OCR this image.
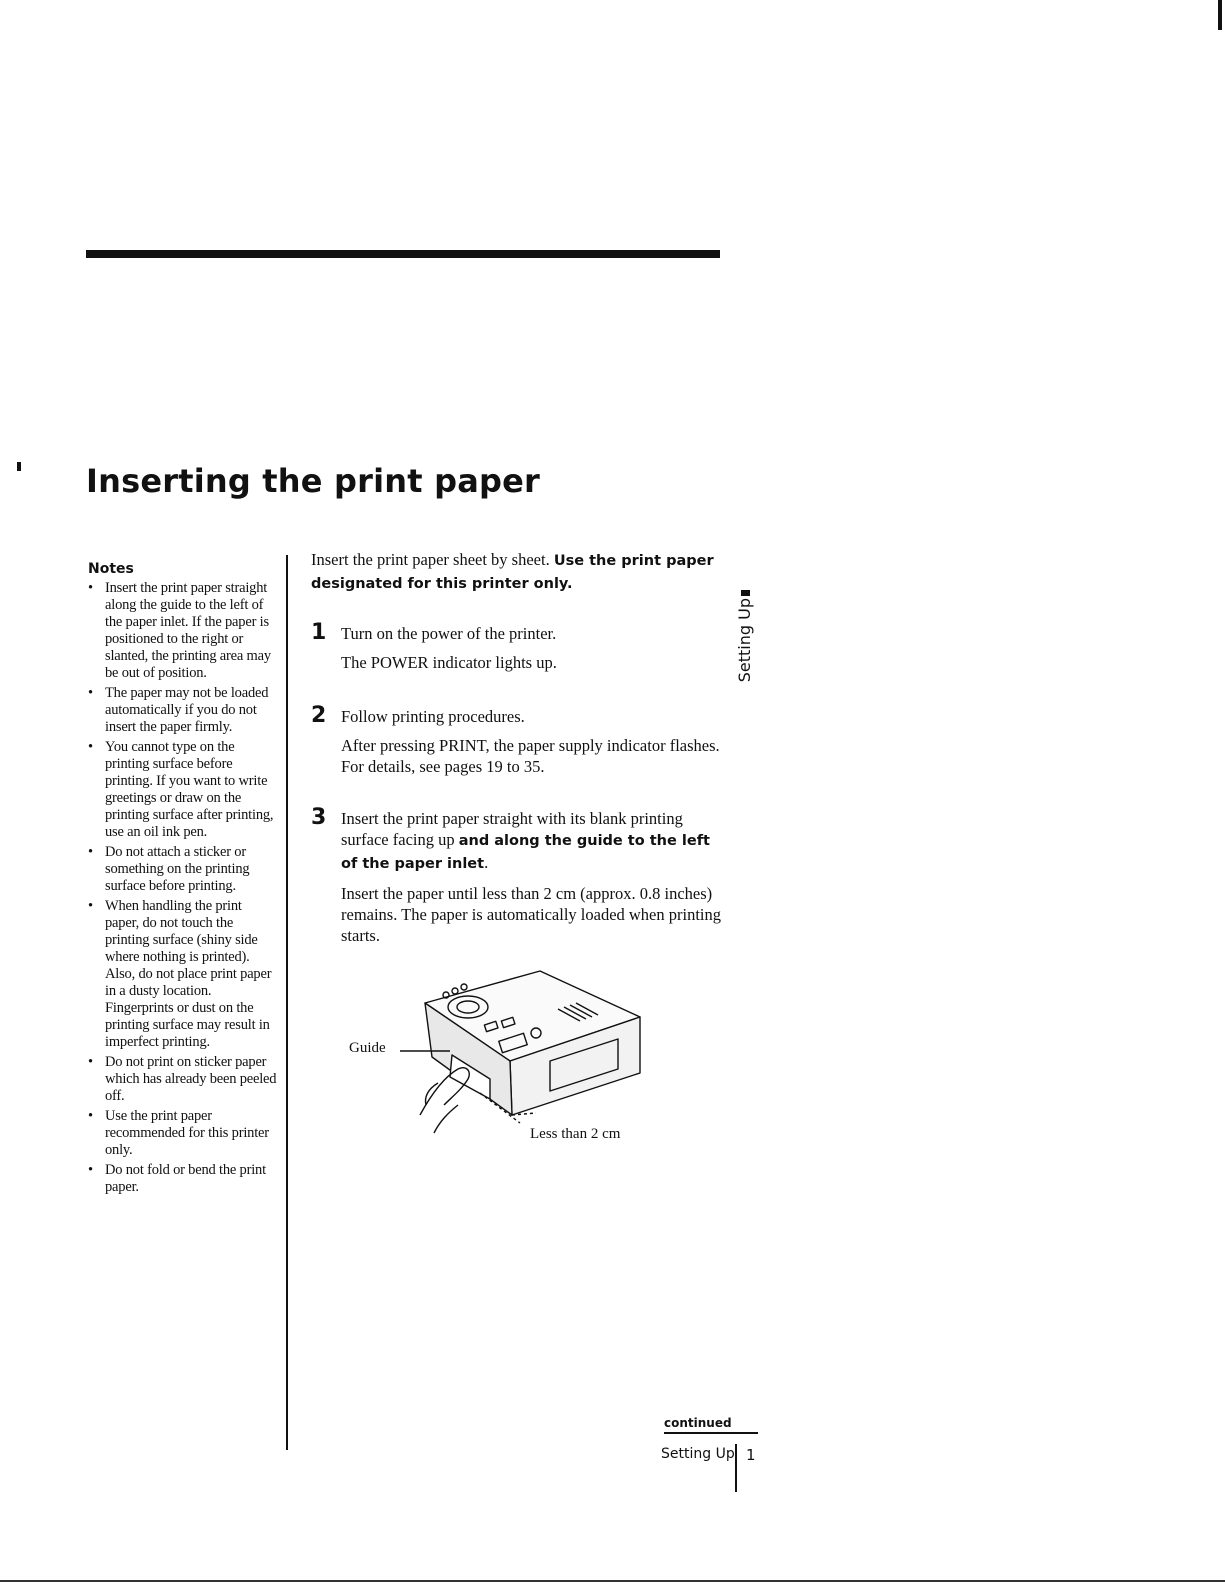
Inserting the print paper

Notes

• Insert the print paper straight along the guide to the left of the paper inlet. If the paper is positioned to the right or slanted, the printing area may be out of position.
• The paper may not be loaded automatically if you do not insert the paper firmly.
• You cannot type on the printing surface before printing. If you want to write greetings or draw on the printing surface after printing, use an oil ink pen.
• Do not attach a sticker or something on the printing surface before printing.
• When handling the print paper, do not touch the printing surface (shiny side where nothing is printed). Also, do not place print paper in a dusty location. Fingerprints or dust on the printing surface may result in imperfect printing.
• Do not print on sticker paper which has already been peeled off.
• Use the print paper recommended for this printer only.
• Do not fold or bend the print paper.

Insert the print paper sheet by sheet. Use the print paper designated for this printer only.

1 Turn on the power of the printer.

The POWER indicator lights up.

2 Follow printing procedures.

After pressing PRINT, the paper supply indicator flashes. For details, see pages 19 to 35.

3 Insert the print paper straight with its blank printing surface facing up and along the guide to the left of the paper inlet.

Insert the paper until less than 2 cm (approx. 0.8 inches) remains. The paper is automatically loaded when printing starts.

Setting Up
Guide
Less than 2 cm
continued
Setting Up 1
